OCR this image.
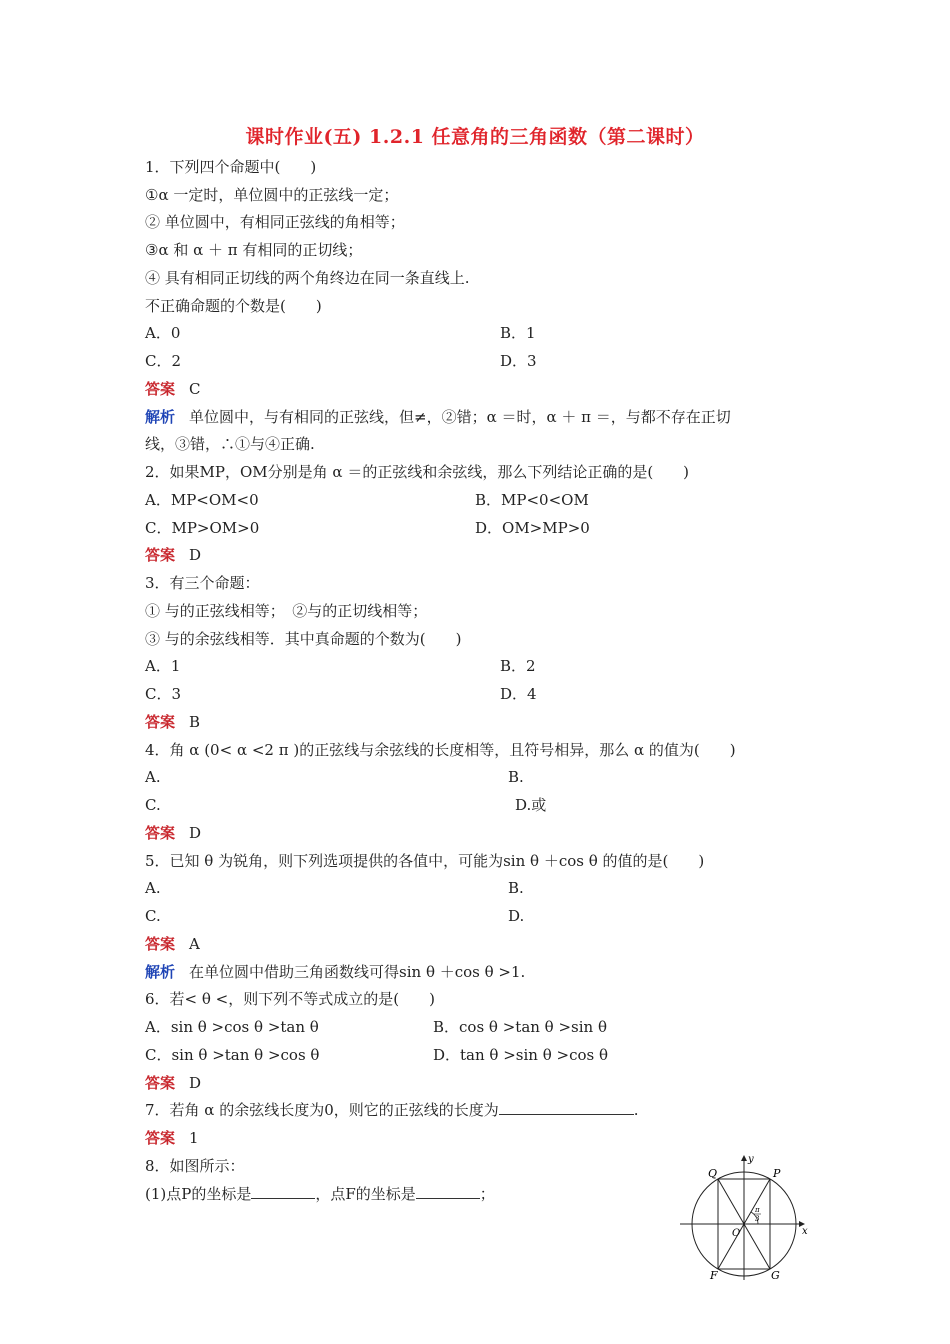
课时作业(五) 1.2.1 任意角的三角函数（第二课时）
1．下列四个命题中(　　)
①α 一定时，单位圆中的正弦线一定；
② 单位圆中，有相同正弦线的角相等；
③α 和 α ＋ π 有相同的正切线；
④ 具有相同正切线的两个角终边在同一条直线上.
不正确命题的个数是(　　)
A．0	B．1
C．2	D．3
答案 C
解析 单位圆中，与有相同的正弦线，但≠，②错；α ＝时，α ＋ π ＝，与都不存在正切
线，③错，∴①与④正确.
2．如果MP，OM分别是角 α ＝的正弦线和余弦线，那么下列结论正确的是(　　)
A．MP<OM<0	B．MP<0<OM
C．MP>OM>0	D．OM>MP>0
答案 D
3．有三个命题：
① 与的正弦线相等；　②与的正切线相等；
③ 与的余弦线相等．其中真命题的个数为(　　)
A．1	B．2
C．3	D．4
答案 B
4．角 α (0< α <2 π )的正弦线与余弦线的长度相等，且符号相异，那么 α 的值为(　　)
A.	B.
C.	D.或
答案 D
5．已知 θ 为锐角，则下列选项提供的各值中，可能为sin θ ＋cos θ 的值的是(　　)
A.	B.
C.	D.
答案 A
解析 在单位圆中借助三角函数线可得sin θ ＋cos θ >1.
6．若< θ <，则下列不等式成立的是(　　)
A．sin θ >cos θ >tan θ	B．cos θ >tan θ >sin θ
C．sin θ >tan θ >cos θ	D．tan θ >sin θ >cos θ
答案 D
7．若角 α 的余弦线长度为0，则它的正弦线的长度为	.
答案 1
8．如图所示：
(1)点P的坐标是	，点F的坐标是	；
Q	P
y
x
O
F	G
π
3
